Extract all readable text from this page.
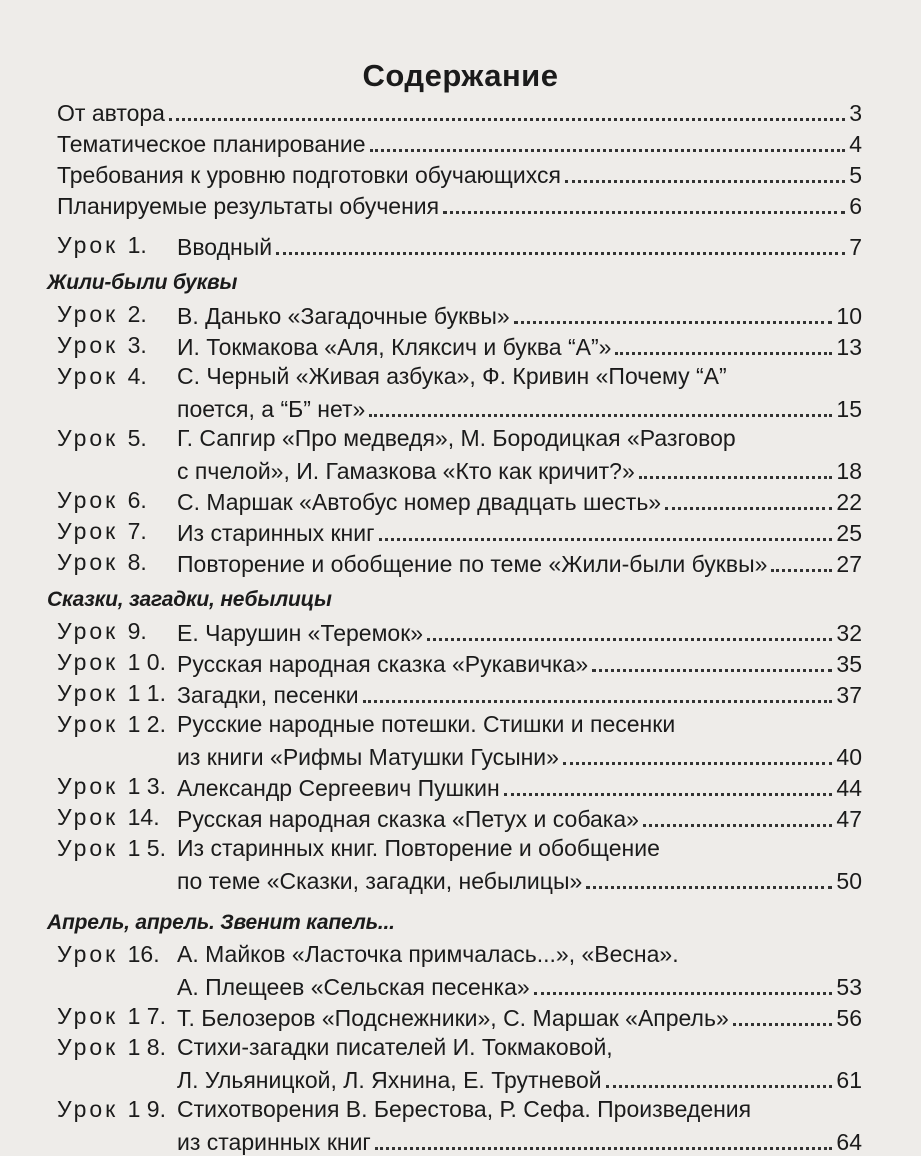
Содержание
От автора	3
Тематическое планирование	4
Требования к уровню подготовки обучающихся	5
Планируемые результаты обучения	6
Урок 1.	Вводный	7
Жили-были буквы
Урок 2.	В. Данько «Загадочные буквы»	10
Урок 3.	И. Токмакова «Аля, Кляксич и буква “А”»	13
Урок 4.	С. Черный «Живая азбука», Ф. Кривин «Почему “А”
поется, а “Б” нет»	15
Урок 5.	Г. Сапгир «Про медведя», М. Бородицкая «Разговор
с пчелой», И. Гамазкова «Кто как кричит?»	18
Урок 6.	С. Маршак «Автобус номер двадцать шесть»	22
Урок 7.	Из старинных книг	25
Урок 8.	Повторение и обобщение по теме «Жили-были буквы»	27
Сказки, загадки, небылицы
Урок 9.	Е. Чарушин «Теремок»	32
Урок 1 0. Русская народная сказка «Рукавичка»	35
Урок 1 1. Загадки, песенки	37
Урок 1 2. Русские народные потешки. Стишки и песенки
из книги «Рифмы Матушки Гусыни»	40
Урок 1 3. Александр Сергеевич Пушкин	44
Урок 14. Русская народная сказка «Петух и собака»	47
Урок 1 5. Из старинных книг. Повторение и обобщение
по теме «Сказки, загадки, небылицы»	50
Апрель, апрель. Звенит капель...
Урок 16. А. Майков «Ласточка примчалась...», «Весна».
А. Плещеев «Сельская песенка»	53
Урок 1 7. Т. Белозеров «Подснежники», С. Маршак «Апрель»	56
Урок 1 8. Стихи-загадки писателей И. Токмаковой,
Л. Ульяницкой, Л. Яхнина, Е. Трутневой	61
Урок 1 9. Стихотворения В. Берестова, Р. Сефа. Произведения
из старинных книг	64
